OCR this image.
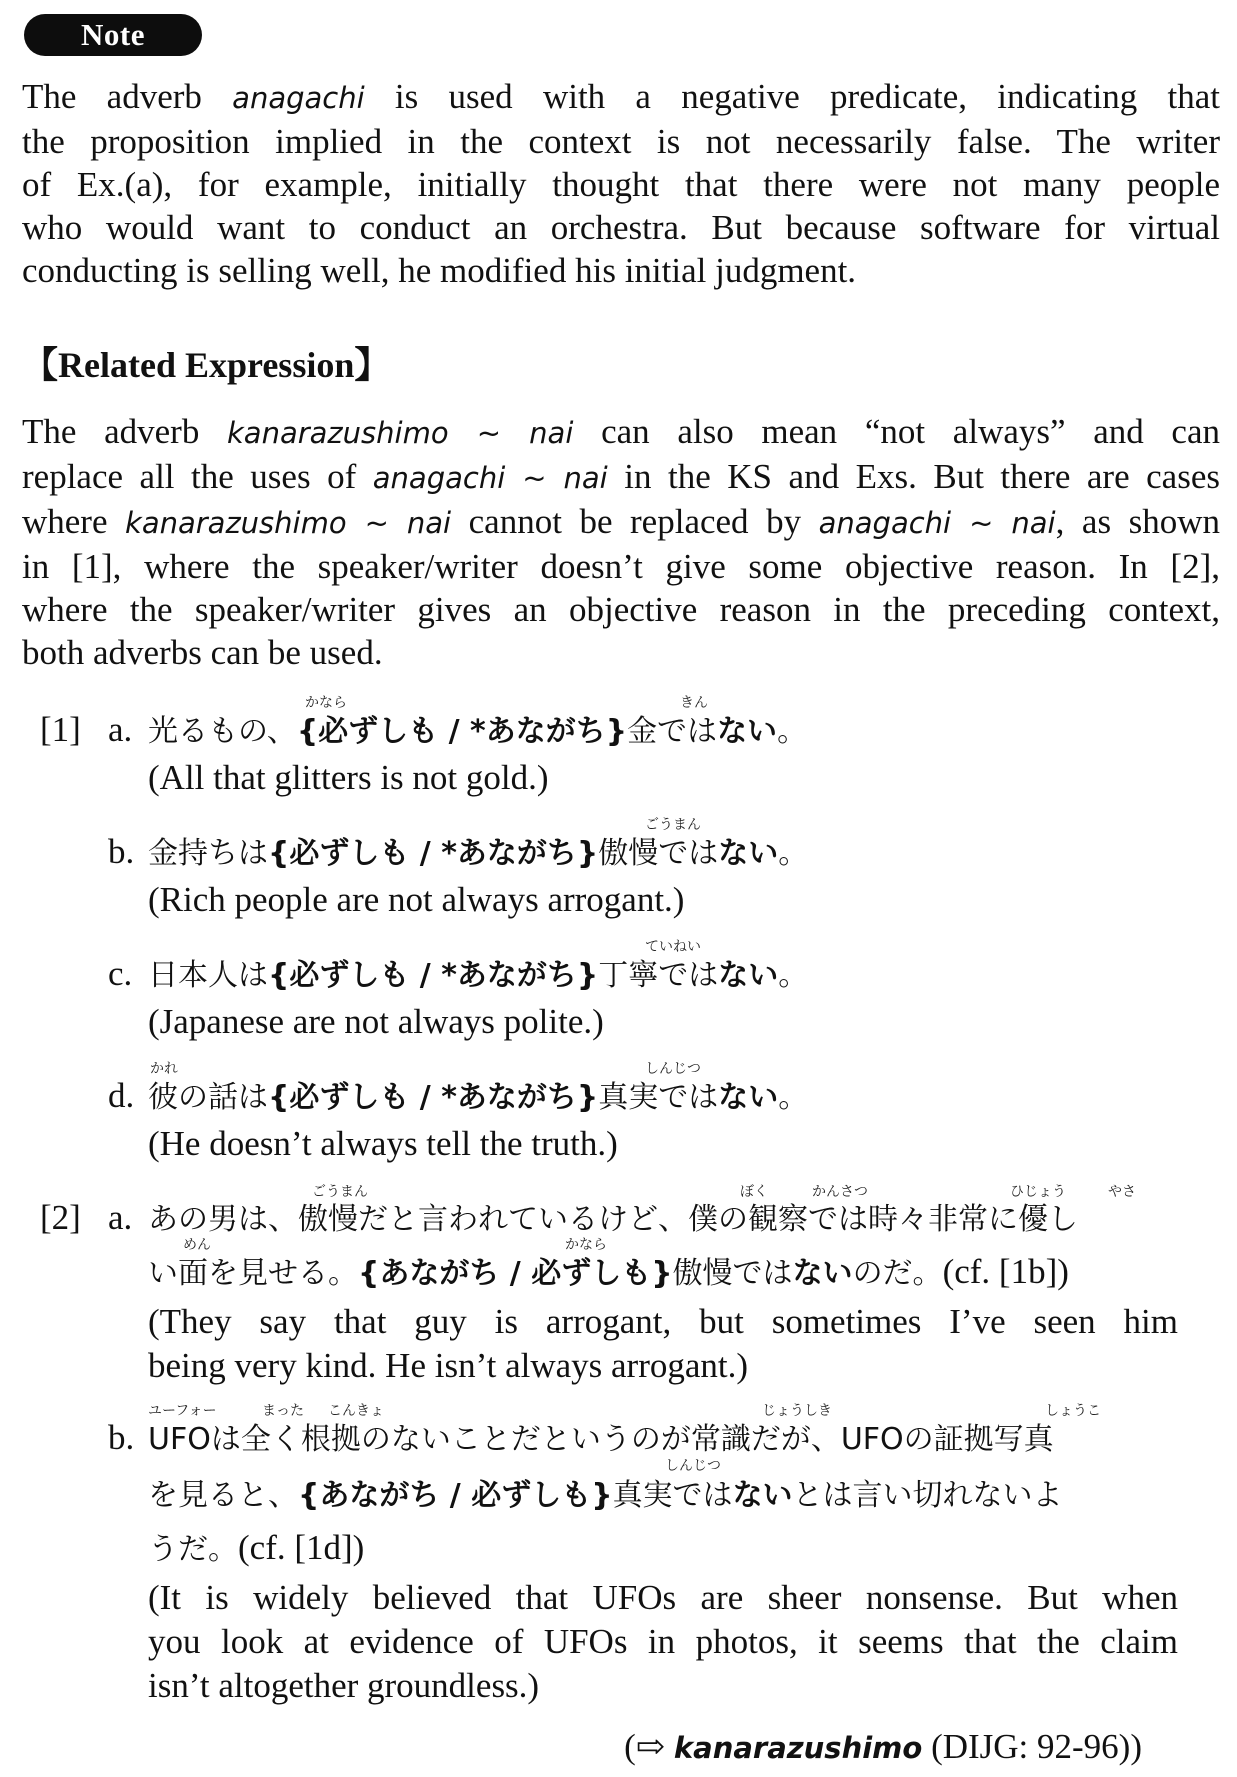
Note
The adverb anagachi is used with a negative predicate, indicating that
the proposition implied in the context is not necessarily false. The writer
of Ex.(a), for example, initially thought that there were not many people
who would want to conduct an orchestra. But because software for virtual
conducting is selling well, he modified his initial judgment.
【Related Expression】
The adverb kanarazushimo ~ nai can also mean “not always” and can
replace all the uses of anagachi ~ nai in the KS and Exs. But there are cases
where kanarazushimo ~ nai cannot be replaced by anagachi ~ nai, as shown
in [1], where the speaker/writer doesn’t give some objective reason. In [2],
where the speaker/writer gives an objective reason in the preceding context,
both adverbs can be used.
[1] a.
かなら	きん
光るもの、{必ずしも / *あながち}金ではない。
(All that glitters is not gold.)
b.
ごうまん
金持ちは{必ずしも / *あながち}傲慢ではない。
(Rich people are not always arrogant.)
c.
ていねい
日本人は{必ずしも / *あながち}丁寧ではない。
(Japanese are not always polite.)
d.
かれ	しんじつ
彼の話は{必ずしも / *あながち}真実ではない。
(He doesn’t always tell the truth.)
[2] a.
ごうまん	ぼく	かんさつ	ひじょう	やさ
あの男は、傲慢だと言われているけど、僕の観察では時々非常に優し
めん	かなら
い面を見せる。{あながち / 必ずしも}傲慢ではないのだ。(cf. [1b])
(They say that guy is arrogant, but sometimes I’ve seen him
being very kind. He isn’t always arrogant.)
b.
ユーフォー	まった こんきょ	じょうしき	しょうこ
UFOは全く根拠のないことだというのが常識だが、UFOの証拠写真
しんじつ
を見ると、{あながち / 必ずしも}真実ではないとは言い切れないよ
うだ。(cf. [1d])
(It is widely believed that UFOs are sheer nonsense. But when
you look at evidence of UFOs in photos, it seems that the claim
isn’t altogether groundless.)
(⇨ kanarazushimo (DIJG: 92-96))
